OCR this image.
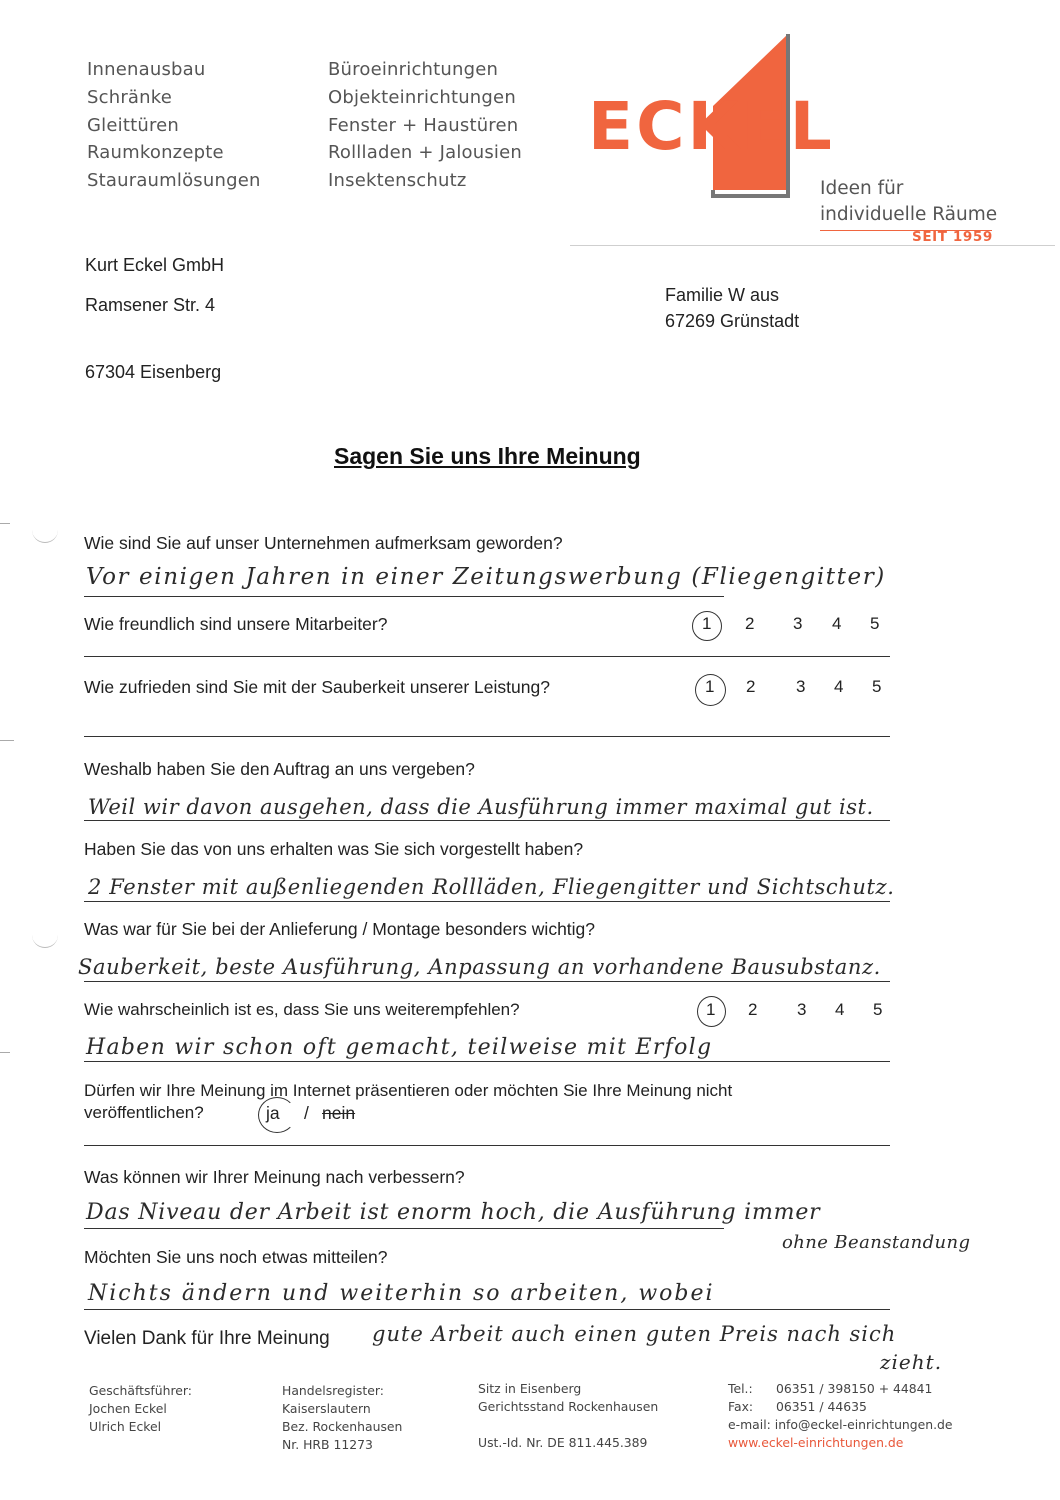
Innenausbau
Schränke
Gleittüren
Raumkonzepte
Stauraumlösungen
Büroeinrichtungen
Objekteinrichtungen
Fenster + Haustüren
Rollladen + Jalousien
Insektenschutz
ECKEL
Ideen für
individuelle Räume
SEIT 1959
Kurt Eckel GmbH
Ramsener Str. 4
67304 Eisenberg
Familie W aus
67269 Grünstadt
Sagen Sie uns Ihre Meinung
Wie sind Sie auf unser Unternehmen aufmerksam geworden?
Vor einigen Jahren in einer Zeitungswerbung (Fliegengitter)
Wie freundlich sind unsere Mitarbeiter?	1 2 3 4 5
Wie zufrieden sind Sie mit der Sauberkeit unserer Leistung?	1 2 3 4 5
Weshalb haben Sie den Auftrag an uns vergeben?
Weil wir davon ausgehen, dass die Ausführung immer maximal gut ist.
Haben Sie das von uns erhalten was Sie sich vorgestellt haben?
2 Fenster mit außenliegenden Rollläden, Fliegengitter und Sichtschutz.
Was war für Sie bei der Anlieferung / Montage besonders wichtig?
Sauberkeit, beste Ausführung, Anpassung an vorhandene Bausubstanz.
Wie wahrscheinlich ist es, dass Sie uns weiterempfehlen?	1 2 3 4 5
Haben wir schon oft gemacht, teilweise mit Erfolg
Dürfen wir Ihre Meinung im Internet präsentieren oder möchten Sie Ihre Meinung nicht
veröffentlichen?	ja / nein
Was können wir Ihrer Meinung nach verbessern?
Das Niveau der Arbeit ist enorm hoch, die Ausführung immer
ohne Beanstandung
Möchten Sie uns noch etwas mitteilen?
Nichts ändern und weiterhin so arbeiten, wobei
Vielen Dank für Ihre Meinung gute Arbeit auch einen guten Preis nach sich
zieht.
Geschäftsführer:
Jochen Eckel
Ulrich Eckel
Handelsregister:
Kaiserslautern
Bez. Rockenhausen
Nr. HRB 11273
Sitz in Eisenberg
Gerichtsstand Rockenhausen
Ust.-Id. Nr. DE 811.445.389
Tel.: 06351 / 398150 + 44841
Fax: 06351 / 44635
e-mail: info@eckel-einrichtungen.de
www.eckel-einrichtungen.de
